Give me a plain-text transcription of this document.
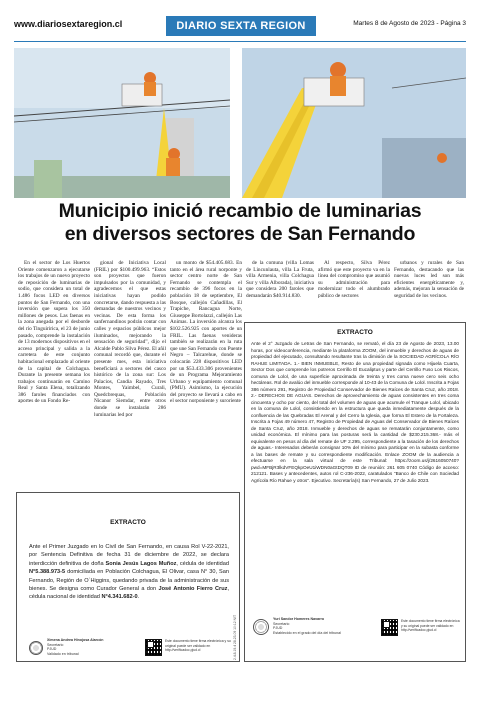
www.diariosextaregion.cl	DIARIO SEXTA REGION	Martes 8 de Agosto de 2023 - Página 3
Municipio inició recambio de luminarias
en diversos sectores de San Fernando

En el sector de Los Huertos Oriente comenzaron a ejecutarse los trabajos de un nuevo proyecto de reposición de luminarias de sodio, que considera un total de 1.486 focos LED en diversos puntos de San Fernando, con una inversión que supera los 350 millones de pesos. Las faenas en la zona anegada por el desborde del río Tinguiririca, el 23 de junio pasado, comprende la instalación de 13 modernos dispositivos en el acceso principal y salida a la carretera de este conjunto habitacional emplazado al oriente de la capital de Colchagua. Durante la presente semana los trabajos continuarán en Camino Real y Santa Elena, totalizando 386 faroles financiados con aportes de un Fondo Re-

gional de Iniciativa Local (FRIL) por $100.499.963. “Estos son proyectos que fueron impulsados por la comunidad, y agradecemos el que estas iniciativas hayan podido concretarse, dando respuesta a las demandas de nuestros vecinos y vecinas. De esta forma los sanfernandinos podrán contar con calles y espacios públicos mejor iluminados, mejorando la sensación de seguridad”, dijo el Alcalde Pablo Silva Pérez. El añil comunal recordó que, durante el presente mes, esta iniciativa beneficiará a sectores del casco histórico de la zona sur: Los Palacios, Candia Rayado, Tres Montes, Yaimbel, Curali, Quedcbrequas, Población Nicanor Siemdar, entre otros donde se instalarán 286 luminarias led por

un monto de $54.405.683. En tanto en el área rural norponte y sector centro norte de San Fernando se contempla el recambio de 396 focos en la población 18 de septiembre, El Bosque, callejón Cañadillas, El Trapiche, Rancagua Norte, Giuseppe Bortolazzi, callejón Las Animas. La inversión alcanza los $102.526.925 con aportes de un FRIL. Las faenas venideras también se realizarán en la ruta que une San Fernando con Puente Negro – Talcarehue, donde se colocarán 228 dispositivos LED por un $53.433.306 provenientes de un Programa Mejoramiento Urbano y equipamiento comunal (PMU). Asimismo, la ejecución del proyecto se llevará a cabo en el sector norponiente y suroriente

de la comuna (villa Lomas de Lincunlauta, villa La Fruta, villa Armenia, villa Colchagua Sur y villa Alborada), iniciativa que considera 200 faroles que demandarán $40.914.830.

Al respecto, Silva Pérez afirmó que este proyecto va en la línea del compromiso que asumió su administración para modernizar todo el alumbrado público de sectores

urbanos y rurales de San Fernando, destacando que las nuevas luces led son más eficientes energéticamente y, además, mejoran la sensación de seguridad de los vecinos.

EXTRACTO
Ante el 2° Juzgado de Letras de San Fernando, se remató, el día 23 de Agosto de 2023, 13.00 horas, por videoconferencia, mediante la plataforma ZOOM, del inmueble y derechos de aguas de propiedad del ejecutado, consultando resultante tras la dimisión de la SOCIEDAD AGRÍCOLA RÍO RAHUE LIMITADA. 1.- BIEN INMUEBLE, Resto de una propiedad signada como Hijuela Cuarta, Sector Dos que comprende los potreros Cerrillo El Eucaliptus y parte del Cerrillo Fuso Los Riscos, comuna de Lolol, de una superficie aproximada de treinta y tres coma nueve cero seis ocho hectáreas. Rol de avalúo del inmueble corresponde al 10-43 de la Comuna de Lolol. Inscrita a Fojas 386 número 291, Registro de Propiedad Conservador de Bienes Raíces de Santa Cruz, año 2018. 2.- DERECHOS DE AGUAS. Derechos de aprovechamiento de aguas consistentes en tres coma cincuenta y ocho por ciento, del total del volumen de aguas que acumule el Tranque Lolol, ubicado en la comuna de Lolol, consistiendo en la estructura que queda inmediatamente después de la confluencia de las Quebradas El Arenal y del Cerro la Iglesia, que forma El Estero de la Fortaleza. Inscrita a Fojas 49 número 47, Registro de Propiedad de Aguas del Conservador de Bienes Raíces de Santa Cruz, año 2018. Inmueble y derechos de aguas se rematarán conjuntamente, como unidad económica. El mínimo para las posturas será la cantidad de $230.215.368.- más el equivalente en pesos al día del remate de UF 2.295, correspondiente a la tasación de los derechos de aguas.- Interesados deberán consignar 10% del mínimo para participar en la subasta conforme a las bases de remate y su correspondiente modificación. Enlace ZOOM de la audiencia a efectuarse en la sala virtual de este Tribunal: https://zoom.us/j/2616050740?pwd=MFBjR3lkdVFEQkpOeU1iWDN0aGtDQT09 ID de reunión: 261 605 0740 Código de acceso: 212121. Bases y antecedentes, autos rol C-236-2022, caratulados “Banco de Chile con Sociedad Agrícola Río Rahue y otros”. Ejecutivo. Secretaría(s) San Fernando, 27 de Julio 2023.
Yuri Sandor Homeres Navarro
Secretario
PJUD
Establecido en el grado del día del tribunal
Este documento tiene firma electrónica y su original puede ser validado en http://verificadoc.pjud.cl
EXTRACTO
Ante el Primer Juzgado en lo Civil de San Fernando, en causa Rol V-22-2021, por Sentencia Definitiva de fecha 31 de diciembre de 2022, se declara interdicción definitiva de doña Sonia Jesús Lagos Muñoz, cédula de identidad N°5.388.973-5 domiciliada en Población Colchagua, El Olivar, casa N° 30, San Fernando, Región de O´Higgins, quedando privada de la administración de sus bienes. Se designa como Curador General a don José Antonio Fierro Cruz, cédula nacional de identidad N°4.341.682-0.
Ximena Andrea Hinojosa Alarcón
Secretario
PJUD
Validado en tribunal
Este documento tiene firma electrónica y su original puede ser validado en http://verificadoc.pjud.cl	2.4.8.19.4 28.23.09 10:12 N/T
